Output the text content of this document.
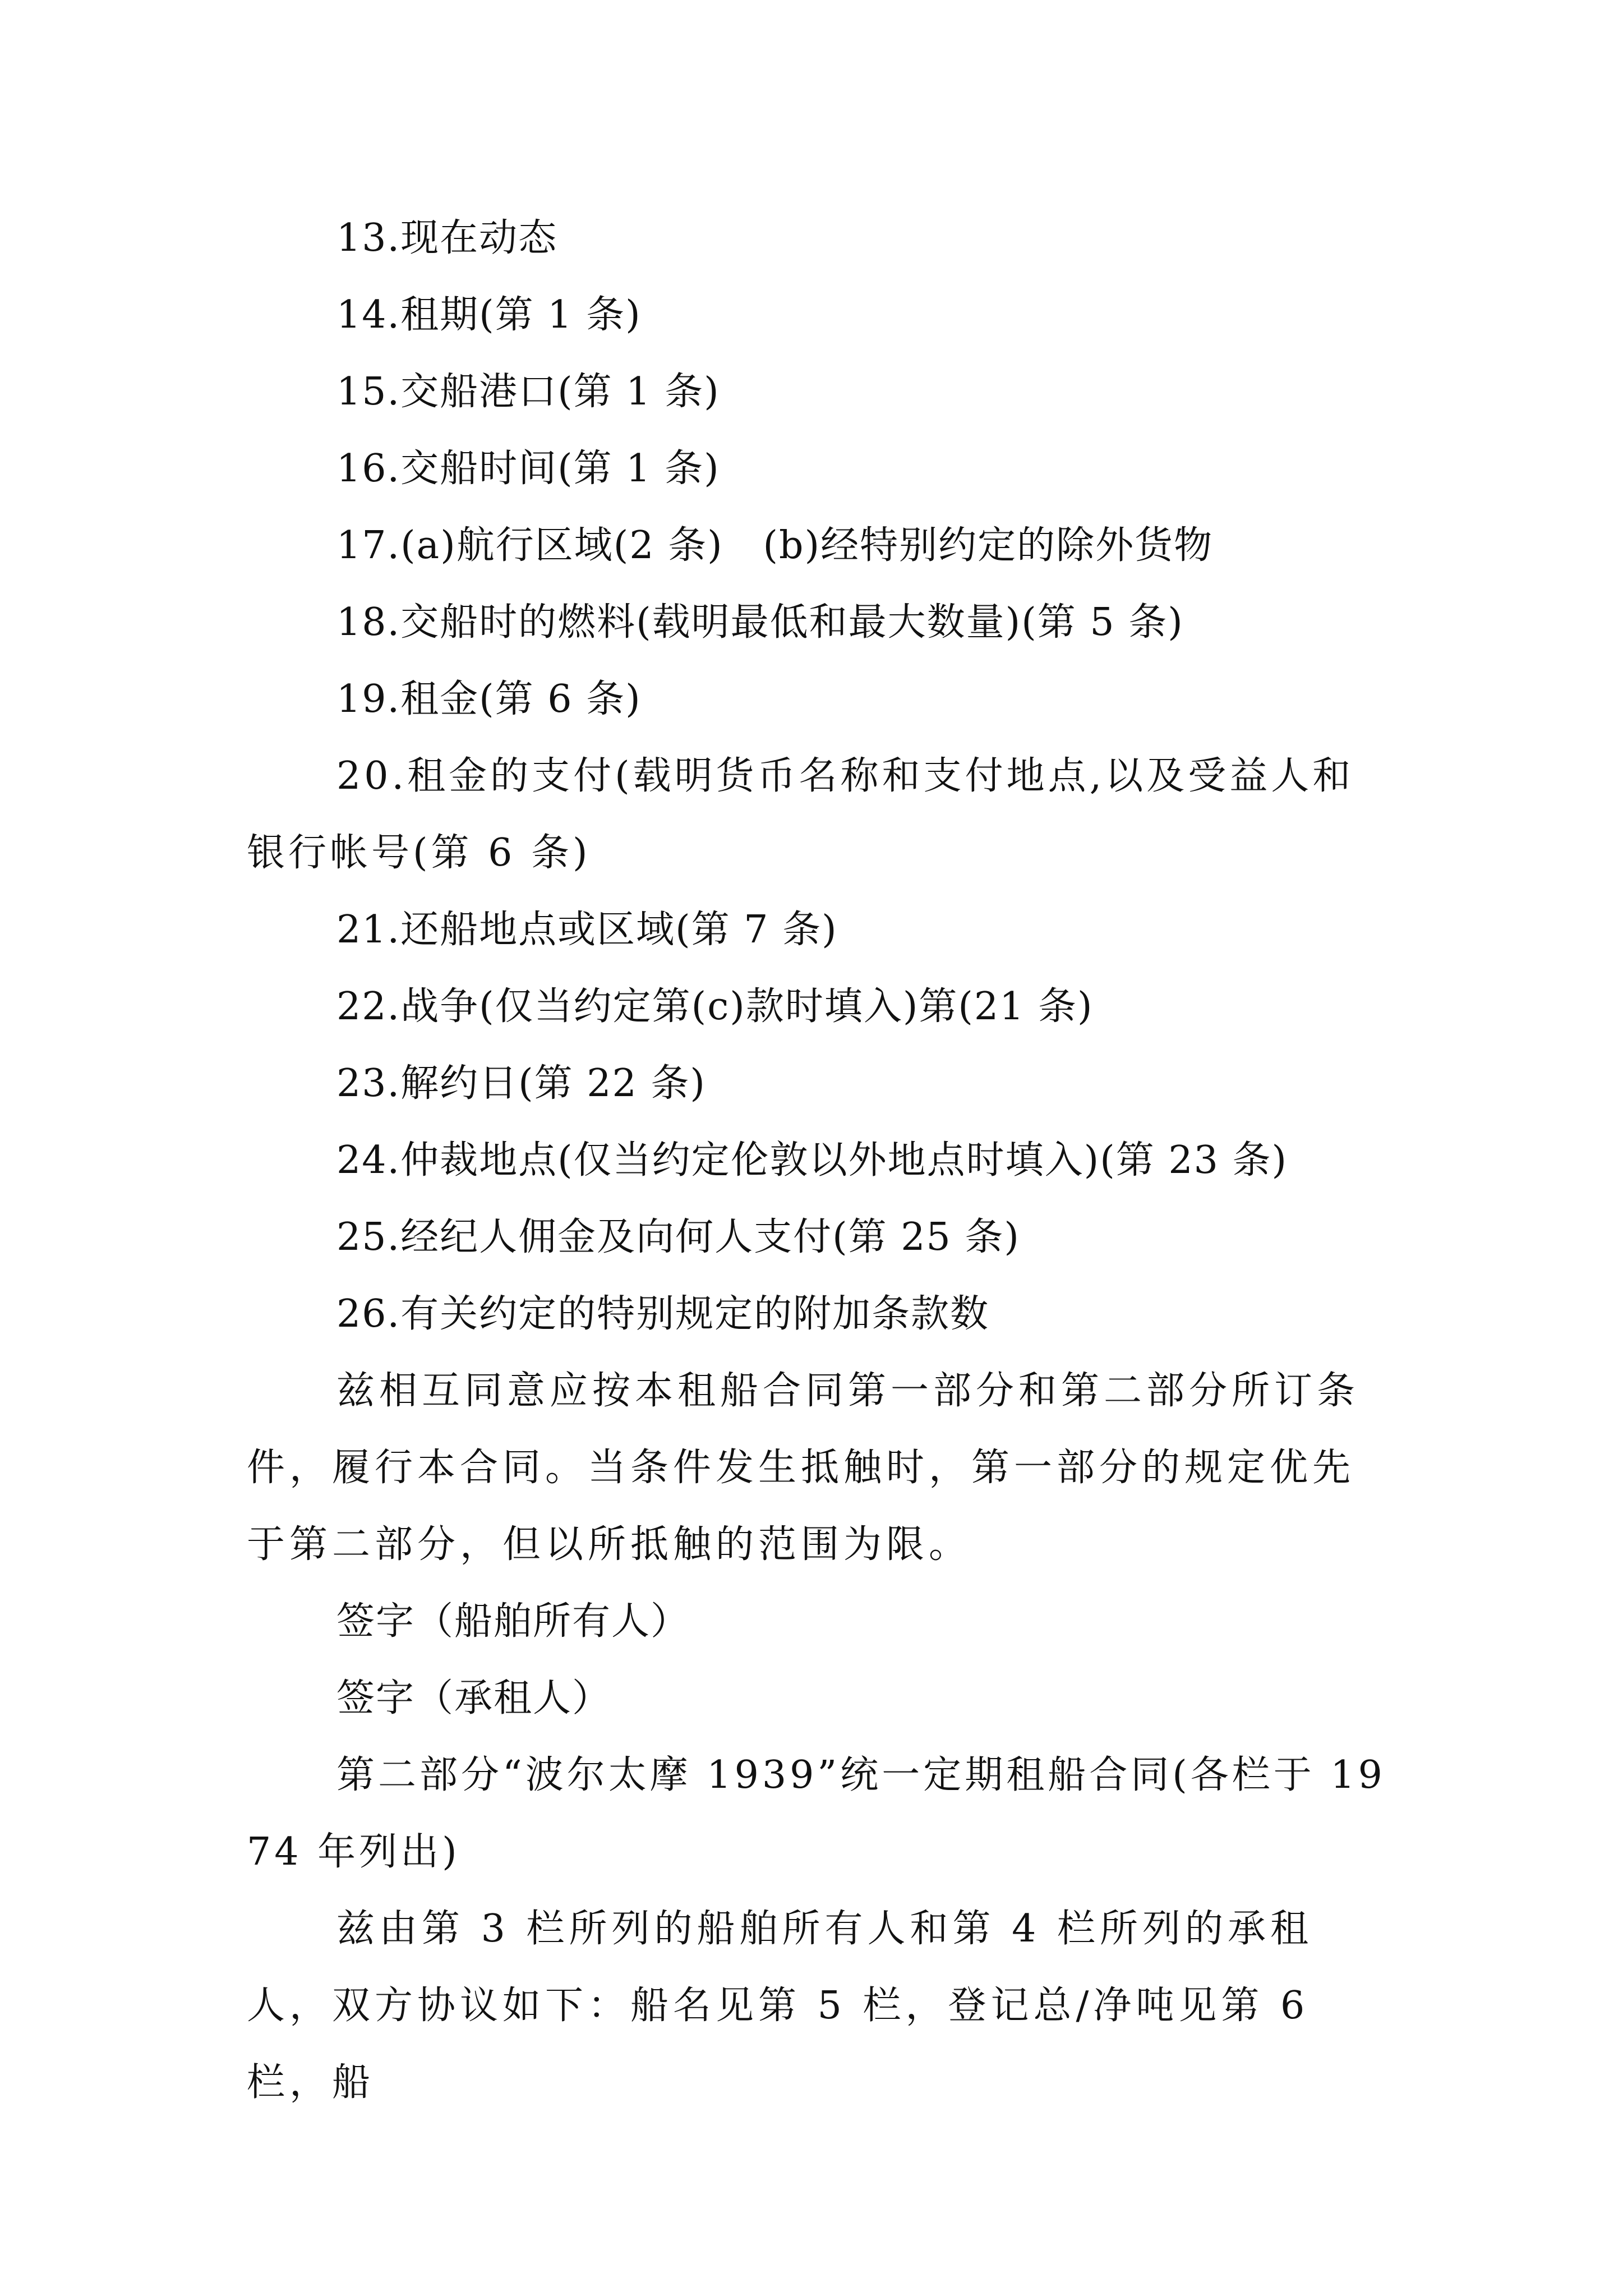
13.现在动态
14.租期(第 1 条)
15.交船港口(第 1 条)
16.交船时间(第 1 条)
17.(a)航行区域(2 条)   (b)经特别约定的除外货物
18.交船时的燃料(载明最低和最大数量)(第 5 条)
19.租金(第 6 条)
20.租金的支付(载明货币名称和支付地点,以及受益人和银行帐号(第 6 条)
21.还船地点或区域(第 7 条)
22.战争(仅当约定第(c)款时填入)第(21 条)
23.解约日(第 22 条)
24.仲裁地点(仅当约定伦敦以外地点时填入)(第 23 条)
25.经纪人佣金及向何人支付(第 25 条)
26.有关约定的特别规定的附加条款数
兹相互同意应按本租船合同第一部分和第二部分所订条件，履行本合同。当条件发生抵触时，第一部分的规定优先于第二部分，但以所抵触的范围为限。
签字（船舶所有人）
签字（承租人）
第二部分“波尔太摩 1939”统一定期租船合同(各栏于 1974 年列出)
兹由第 3 栏所列的船舶所有人和第 4 栏所列的承租人，双方协议如下：船名见第 5 栏，登记总/净吨见第 6 栏，船
